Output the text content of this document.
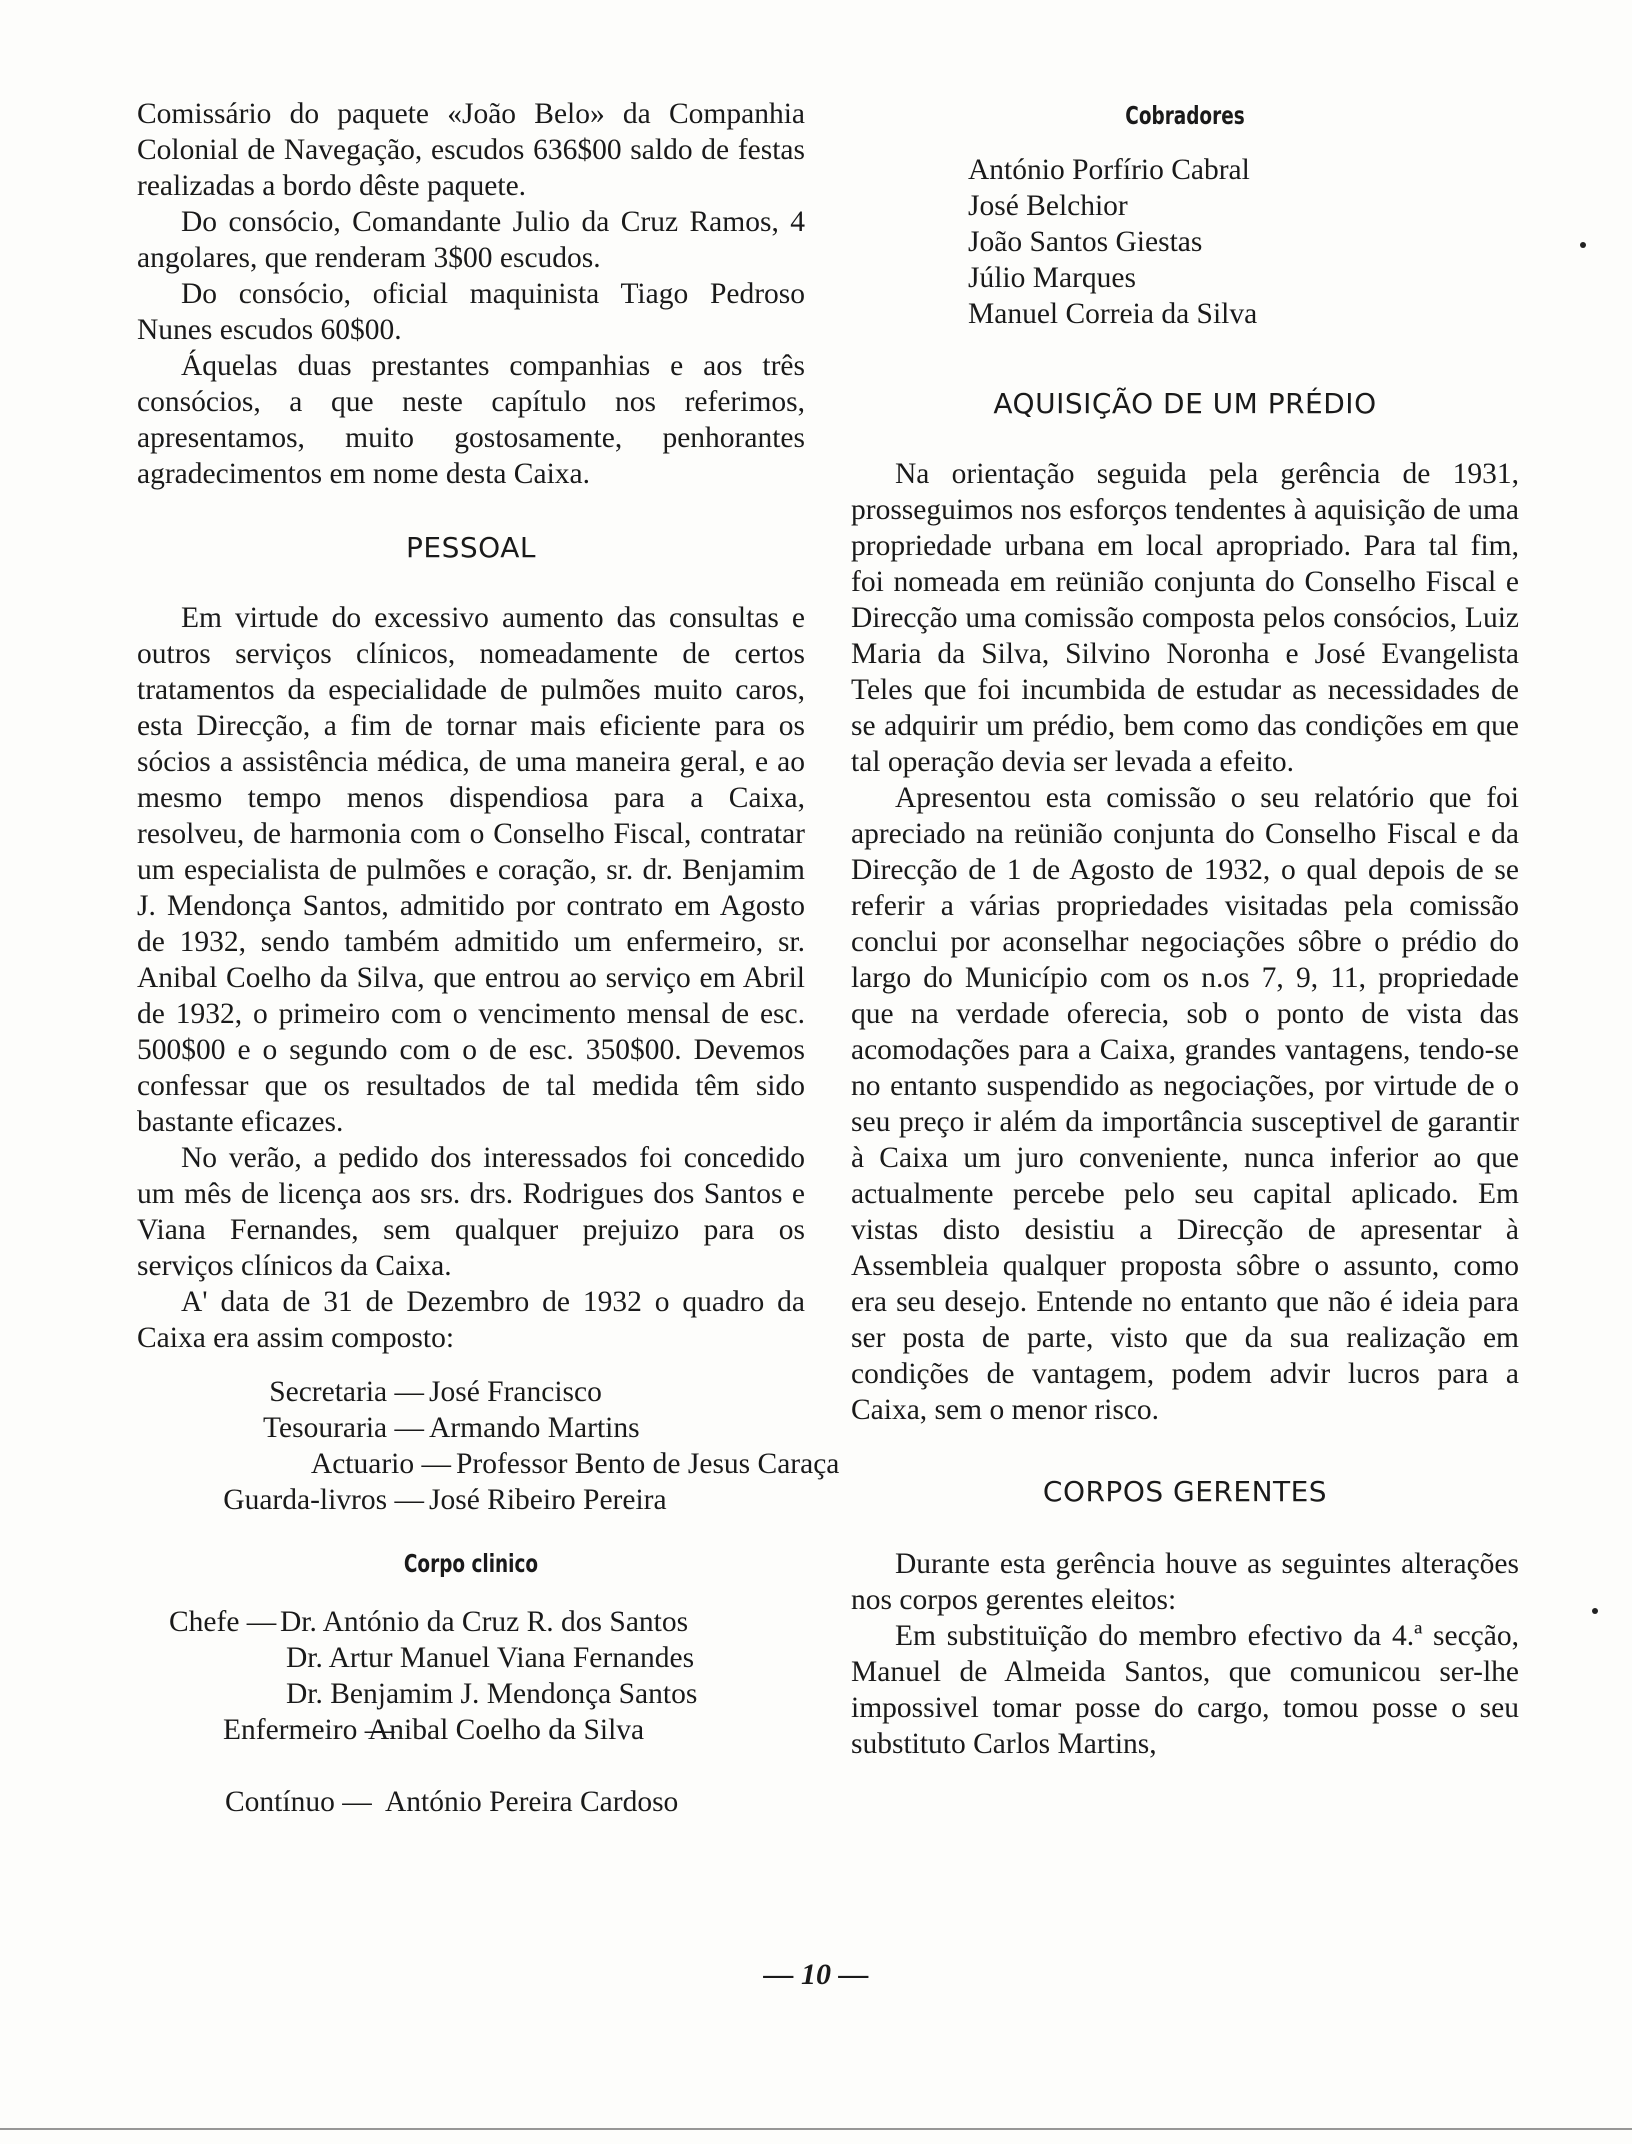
Comissário do paquete «João Belo» da Companhia Colonial de Navegação, escudos 636$00 saldo de festas realizadas a bordo dêste paquete.

Do consócio, Comandante Julio da Cruz Ramos, 4 angolares, que renderam 3$00 escudos.

Do consócio, oficial maquinista Tiago Pedroso Nunes escudos 60$00.

Áquelas duas prestantes companhias e aos três consócios, a que neste capítulo nos referimos, apresentamos, muito gostosamente, penhorantes agradecimentos em nome desta Caixa.

PESSOAL

Em virtude do excessivo aumento das consultas e outros serviços clínicos, nomeadamente de certos tratamentos da especialidade de pulmões muito caros, esta Direcção, a fim de tornar mais eficiente para os sócios a assistência médica, de uma maneira geral, e ao mesmo tempo menos dispendiosa para a Caixa, resolveu, de harmonia com o Conselho Fiscal, contratar um especialista de pulmões e coração, sr. dr. Benjamim J. Mendonça Santos, admitido por contrato em Agosto de 1932, sendo também admitido um enfermeiro, sr. Anibal Coelho da Silva, que entrou ao serviço em Abril de 1932, o primeiro com o vencimento mensal de esc. 500$00 e o segundo com o de esc. 350$00. Devemos confessar que os resultados de tal medida têm sido bastante eficazes.

No verão, a pedido dos interessados foi concedido um mês de licença aos srs. drs. Rodrigues dos Santos e Viana Fernandes, sem qualquer prejuizo para os serviços clínicos da Caixa.

A' data de 31 de Dezembro de 1932 o quadro da Caixa era assim composto:

Secretaria — José Francisco
Tesouraria — Armando Martins
Actuario — Professor Bento de Jesus Caraça
Guarda-livros — José Ribeiro Pereira
Corpo clinico
Chefe — Dr. António da Cruz R. dos Santos
Dr. Artur Manuel Viana Fernandes
Dr. Benjamim J. Mendonça Santos
Enfermeiro —
Anibal Coelho da Silva
Contínuo — António Pereira Cardoso
Cobradores
António Porfírio Cabral
José Belchior
João Santos Giestas
Júlio Marques
Manuel Correia da Silva
AQUISIÇÃO DE UM PRÉDIO

Na orientação seguida pela gerência de 1931, prosseguimos nos esforços tendentes à aquisição de uma propriedade urbana em local apropriado. Para tal fim, foi nomeada em reünião conjunta do Conselho Fiscal e Direcção uma comissão composta pelos consócios, Luiz Maria da Silva, Silvino Noronha e José Evangelista Teles que foi incumbida de estudar as necessidades de se adquirir um prédio, bem como das condições em que tal operação devia ser levada a efeito.

Apresentou esta comissão o seu relatório que foi apreciado na reünião conjunta do Conselho Fiscal e da Direcção de 1 de Agosto de 1932, o qual depois de se referir a várias propriedades visitadas pela comissão conclui por aconselhar negociações sôbre o prédio do largo do Município com os n.os 7, 9, 11, propriedade que na verdade oferecia, sob o ponto de vista das acomodações para a Caixa, grandes vantagens, tendo-se no entanto suspendido as negociações, por virtude de o seu preço ir além da importância susceptivel de garantir à Caixa um juro conveniente, nunca inferior ao que actualmente percebe pelo seu capital aplicado. Em vistas disto desistiu a Direcção de apresentar à Assembleia qualquer proposta sôbre o assunto, como era seu desejo. Entende no entanto que não é ideia para ser posta de parte, visto que da sua realização em condições de vantagem, podem advir lucros para a Caixa, sem o menor risco.

CORPOS GERENTES

Durante esta gerência houve as seguintes alterações nos corpos gerentes eleitos:

Em substituïção do membro efectivo da 4.ª secção, Manuel de Almeida Santos, que comunicou ser-lhe impossivel tomar posse do cargo, tomou posse o seu substituto Carlos Martins,

— 10 —
